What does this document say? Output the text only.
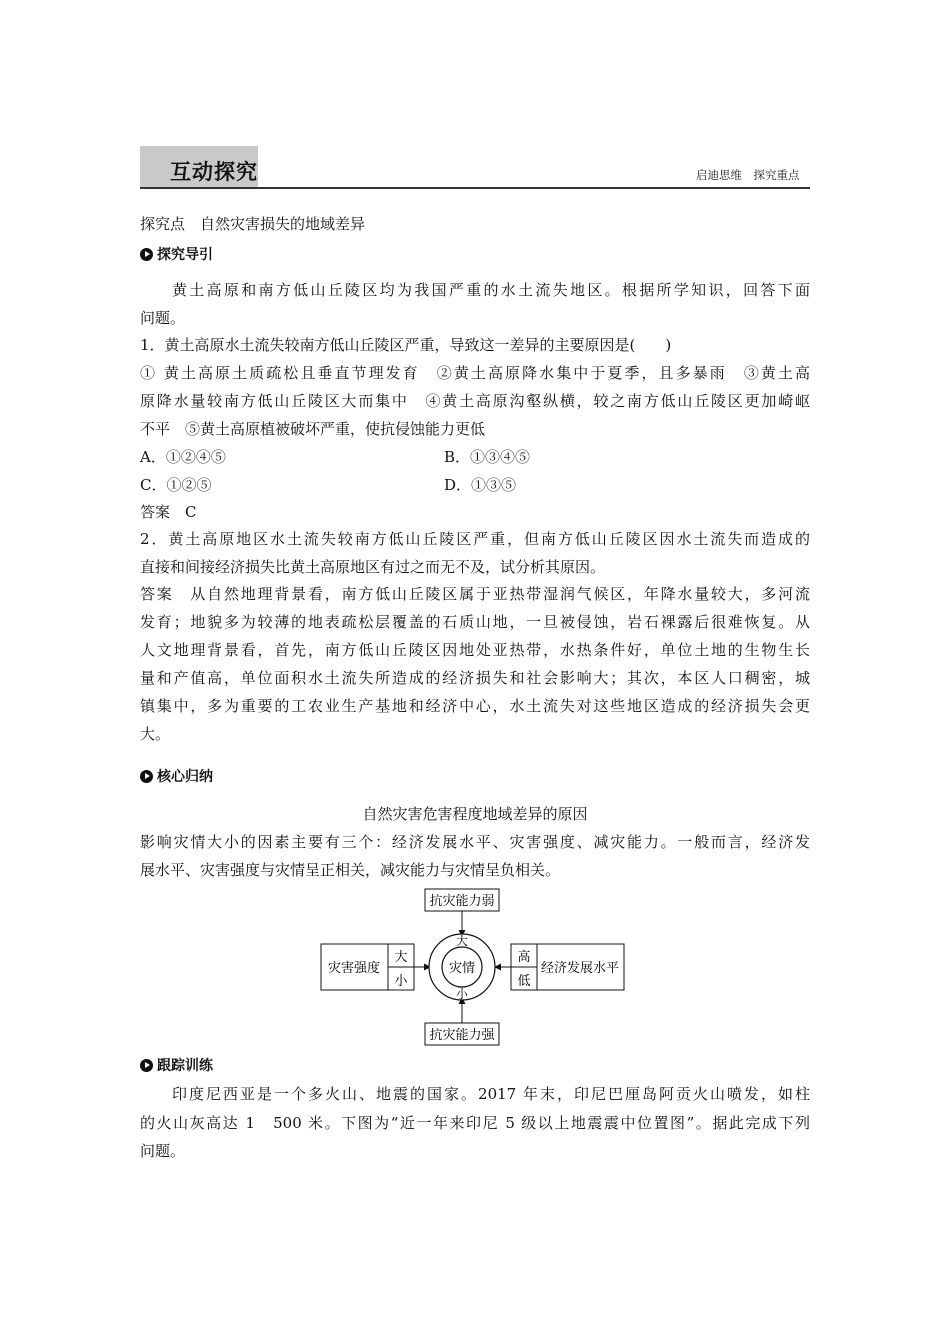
互动探究	启迪思维　探究重点
探究点　自然灾害损失的地域差异
探究导引
黄土高原和南方低山丘陵区均为我国严重的水土流失地区。根据所学知识，回答下面
问题。
1．黄土高原水土流失较南方低山丘陵区严重，导致这一差异的主要原因是(　　)
① 黄土高原土质疏松且垂直节理发育　②黄土高原降水集中于夏季，且多暴雨　③黄土高
原降水量较南方低山丘陵区大而集中　④黄土高原沟壑纵横，较之南方低山丘陵区更加崎岖
不平　⑤黄土高原植被破坏严重，使抗侵蚀能力更低
A．①②④⑤	B．①③④⑤
C．①②⑤	D．①③⑤
答案　C
2．黄土高原地区水土流失较南方低山丘陵区严重，但南方低山丘陵区因水土流失而造成的
直接和间接经济损失比黄土高原地区有过之而无不及，试分析其原因。
答案　从自然地理背景看，南方低山丘陵区属于亚热带湿润气候区，年降水量较大，多河流
发育；地貌多为较薄的地表疏松层覆盖的石质山地，一旦被侵蚀，岩石裸露后很难恢复。从
人文地理背景看，首先，南方低山丘陵区因地处亚热带，水热条件好，单位土地的生物生长
量和产值高，单位面积水土流失所造成的经济损失和社会影响大；其次，本区人口稠密，城
镇集中，多为重要的工农业生产基地和经济中心，水土流失对这些地区造成的经济损失会更
大。
核心归纳
自然灾害危害程度地域差异的原因
影响灾情大小的因素主要有三个：经济发展水平、灾害强度、减灾能力。一般而言，经济发
展水平、灾害强度与灾情呈正相关，减灾能力与灾情呈负相关。
抗灾能力弱
抗灾能力强
灾害强度
大
小
高
低
经济发展水平
灾情
大
小
跟踪训练
印度尼西亚是一个多火山、地震的国家。2017 年末，印尼巴厘岛阿贡火山喷发，如柱
的火山灰高达 1　500 米。下图为“近一年来印尼 5 级以上地震震中位置图”。据此完成下列
问题。
